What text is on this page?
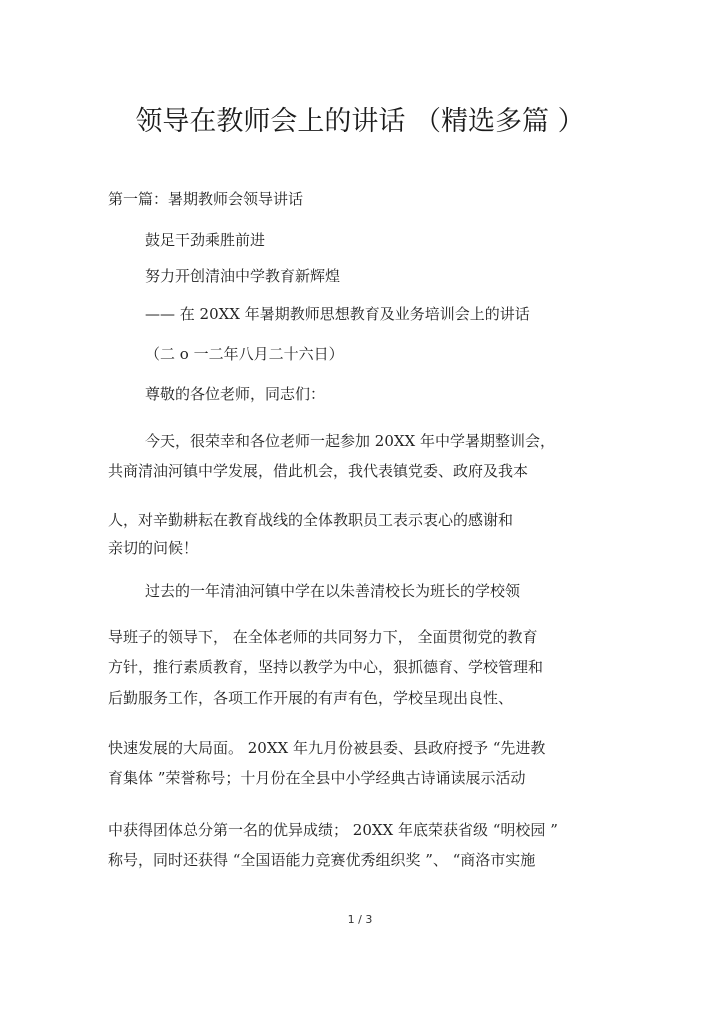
领导在教师会上的讲话 （精选多篇 ）
第一篇：暑期教师会领导讲话
鼓足干劲乘胜前进
努力开创清油中学教育新辉煌
—— 在 20XX 年暑期教师思想教育及业务培训会上的讲话
（二 o 一二年八月二十六日）
尊敬的各位老师，同志们：
今天，很荣幸和各位老师一起参加 20XX 年中学暑期整训会，
共商清油河镇中学发展，借此机会，我代表镇党委、政府及我本
人，对辛勤耕耘在教育战线的全体教职员工表示衷心的感谢和
亲切的问候！
过去的一年清油河镇中学在以朱善清校长为班长的学校领
导班子的领导下， 在全体老师的共同努力下， 全面贯彻党的教育
方针，推行素质教育，坚持以教学为中心，狠抓德育、学校管理和
后勤服务工作，各项工作开展的有声有色，学校呈现出良性、
快速发展的大局面。 20XX 年九月份被县委、县政府授予 “先进教
育集体 ”荣誉称号；十月份在全县中小学经典古诗诵读展示活动
中获得团体总分第一名的优异成绩； 20XX 年底荣获省级 “明校园 ”
称号，同时还获得 “全国语能力竞赛优秀组织奖 ”、 “商洛市实施
1 / 3
